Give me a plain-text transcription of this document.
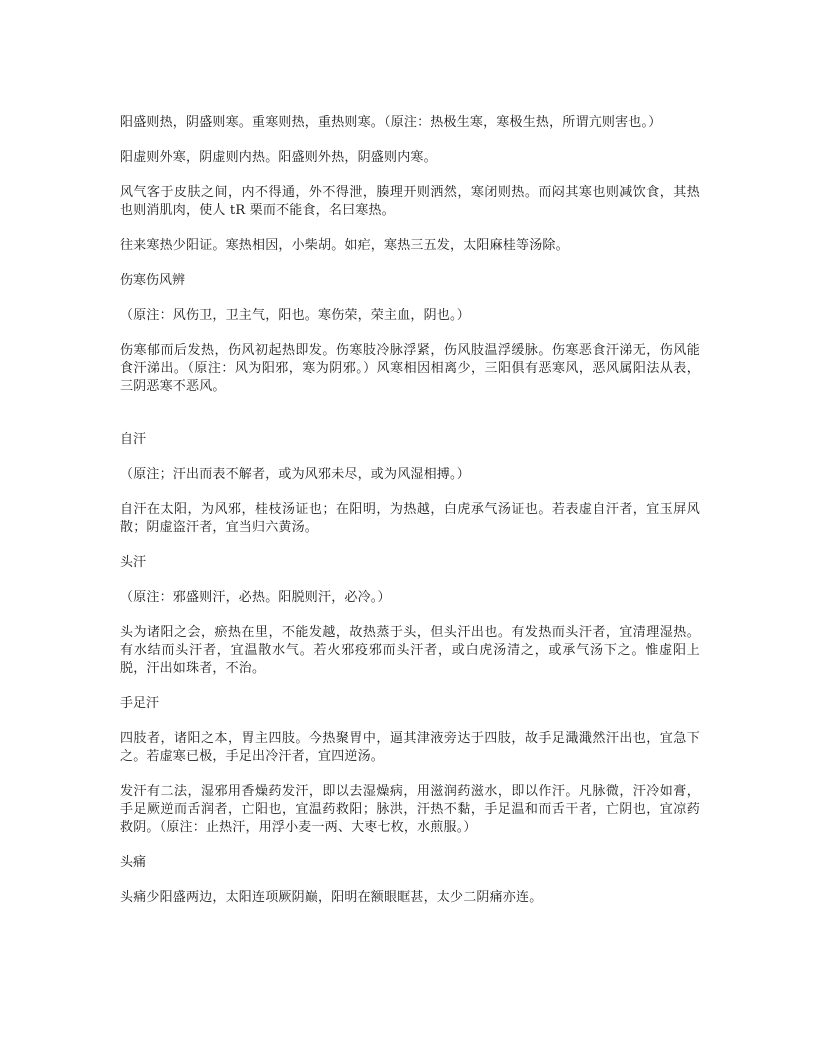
阳盛则热，阴盛则寒。重寒则热，重热则寒。（原注：热极生寒，寒极生热，所谓亢则害也。）

阳虚则外寒，阴虚则内热。阳盛则外热，阴盛则内寒。

风气客于皮肤之间，内不得通，外不得泄，腠理开则洒然，寒闭则热。而闷其寒也则减饮食，其热也则消肌肉，使人 tR 栗而不能食，名曰寒热。

往来寒热少阳证。寒热相因，小柴胡。如疟，寒热三五发，太阳麻桂等汤除。

伤寒伤风辨

（原注：风伤卫，卫主气，阳也。寒伤荣，荣主血，阴也。）

伤寒郁而后发热，伤风初起热即发。伤寒肢冷脉浮紧，伤风肢温浮缓脉。伤寒恶食汗涕无，伤风能食汗涕出。（原注：风为阳邪，寒为阴邪。）风寒相因相离少，三阳俱有恶寒风，恶风属阳法从表，三阴恶寒不恶风。

自汗

（原注；汗出而表不解者，或为风邪未尽，或为风湿相搏。）

自汗在太阳，为风邪，桂枝汤证也；在阳明，为热越，白虎承气汤证也。若表虚自汗者，宜玉屏风散；阴虚盗汗者，宜当归六黄汤。

头汗

（原注：邪盛则汗，必热。阳脱则汗，必冷。）

头为诸阳之会，瘀热在里，不能发越，故热蒸于头，但头汗出也。有发热而头汗者，宜清理湿热。有水结而头汗者，宜温散水气。若火邪疫邪而头汗者，或白虎汤清之，或承气汤下之。惟虚阳上脱，汗出如珠者，不治。

手足汗

四肢者，诸阳之本，胃主四肢。今热聚胃中，逼其津液旁达于四肢，故手足濈濈然汗出也，宜急下之。若虚寒已极，手足出冷汗者，宜四逆汤。

发汗有二法，湿邪用香燥药发汗，即以去湿燥病，用滋润药滋水，即以作汗。凡脉微，汗冷如膏，手足厥逆而舌润者，亡阳也，宜温药救阳；脉洪，汗热不黏，手足温和而舌干者，亡阴也，宜凉药救阴。（原注：止热汗，用浮小麦一两、大枣七枚，水煎服。）

头痛

头痛少阳盛两边，太阳连项厥阴巅，阳明在额眼眶甚，太少二阴痛亦连。
